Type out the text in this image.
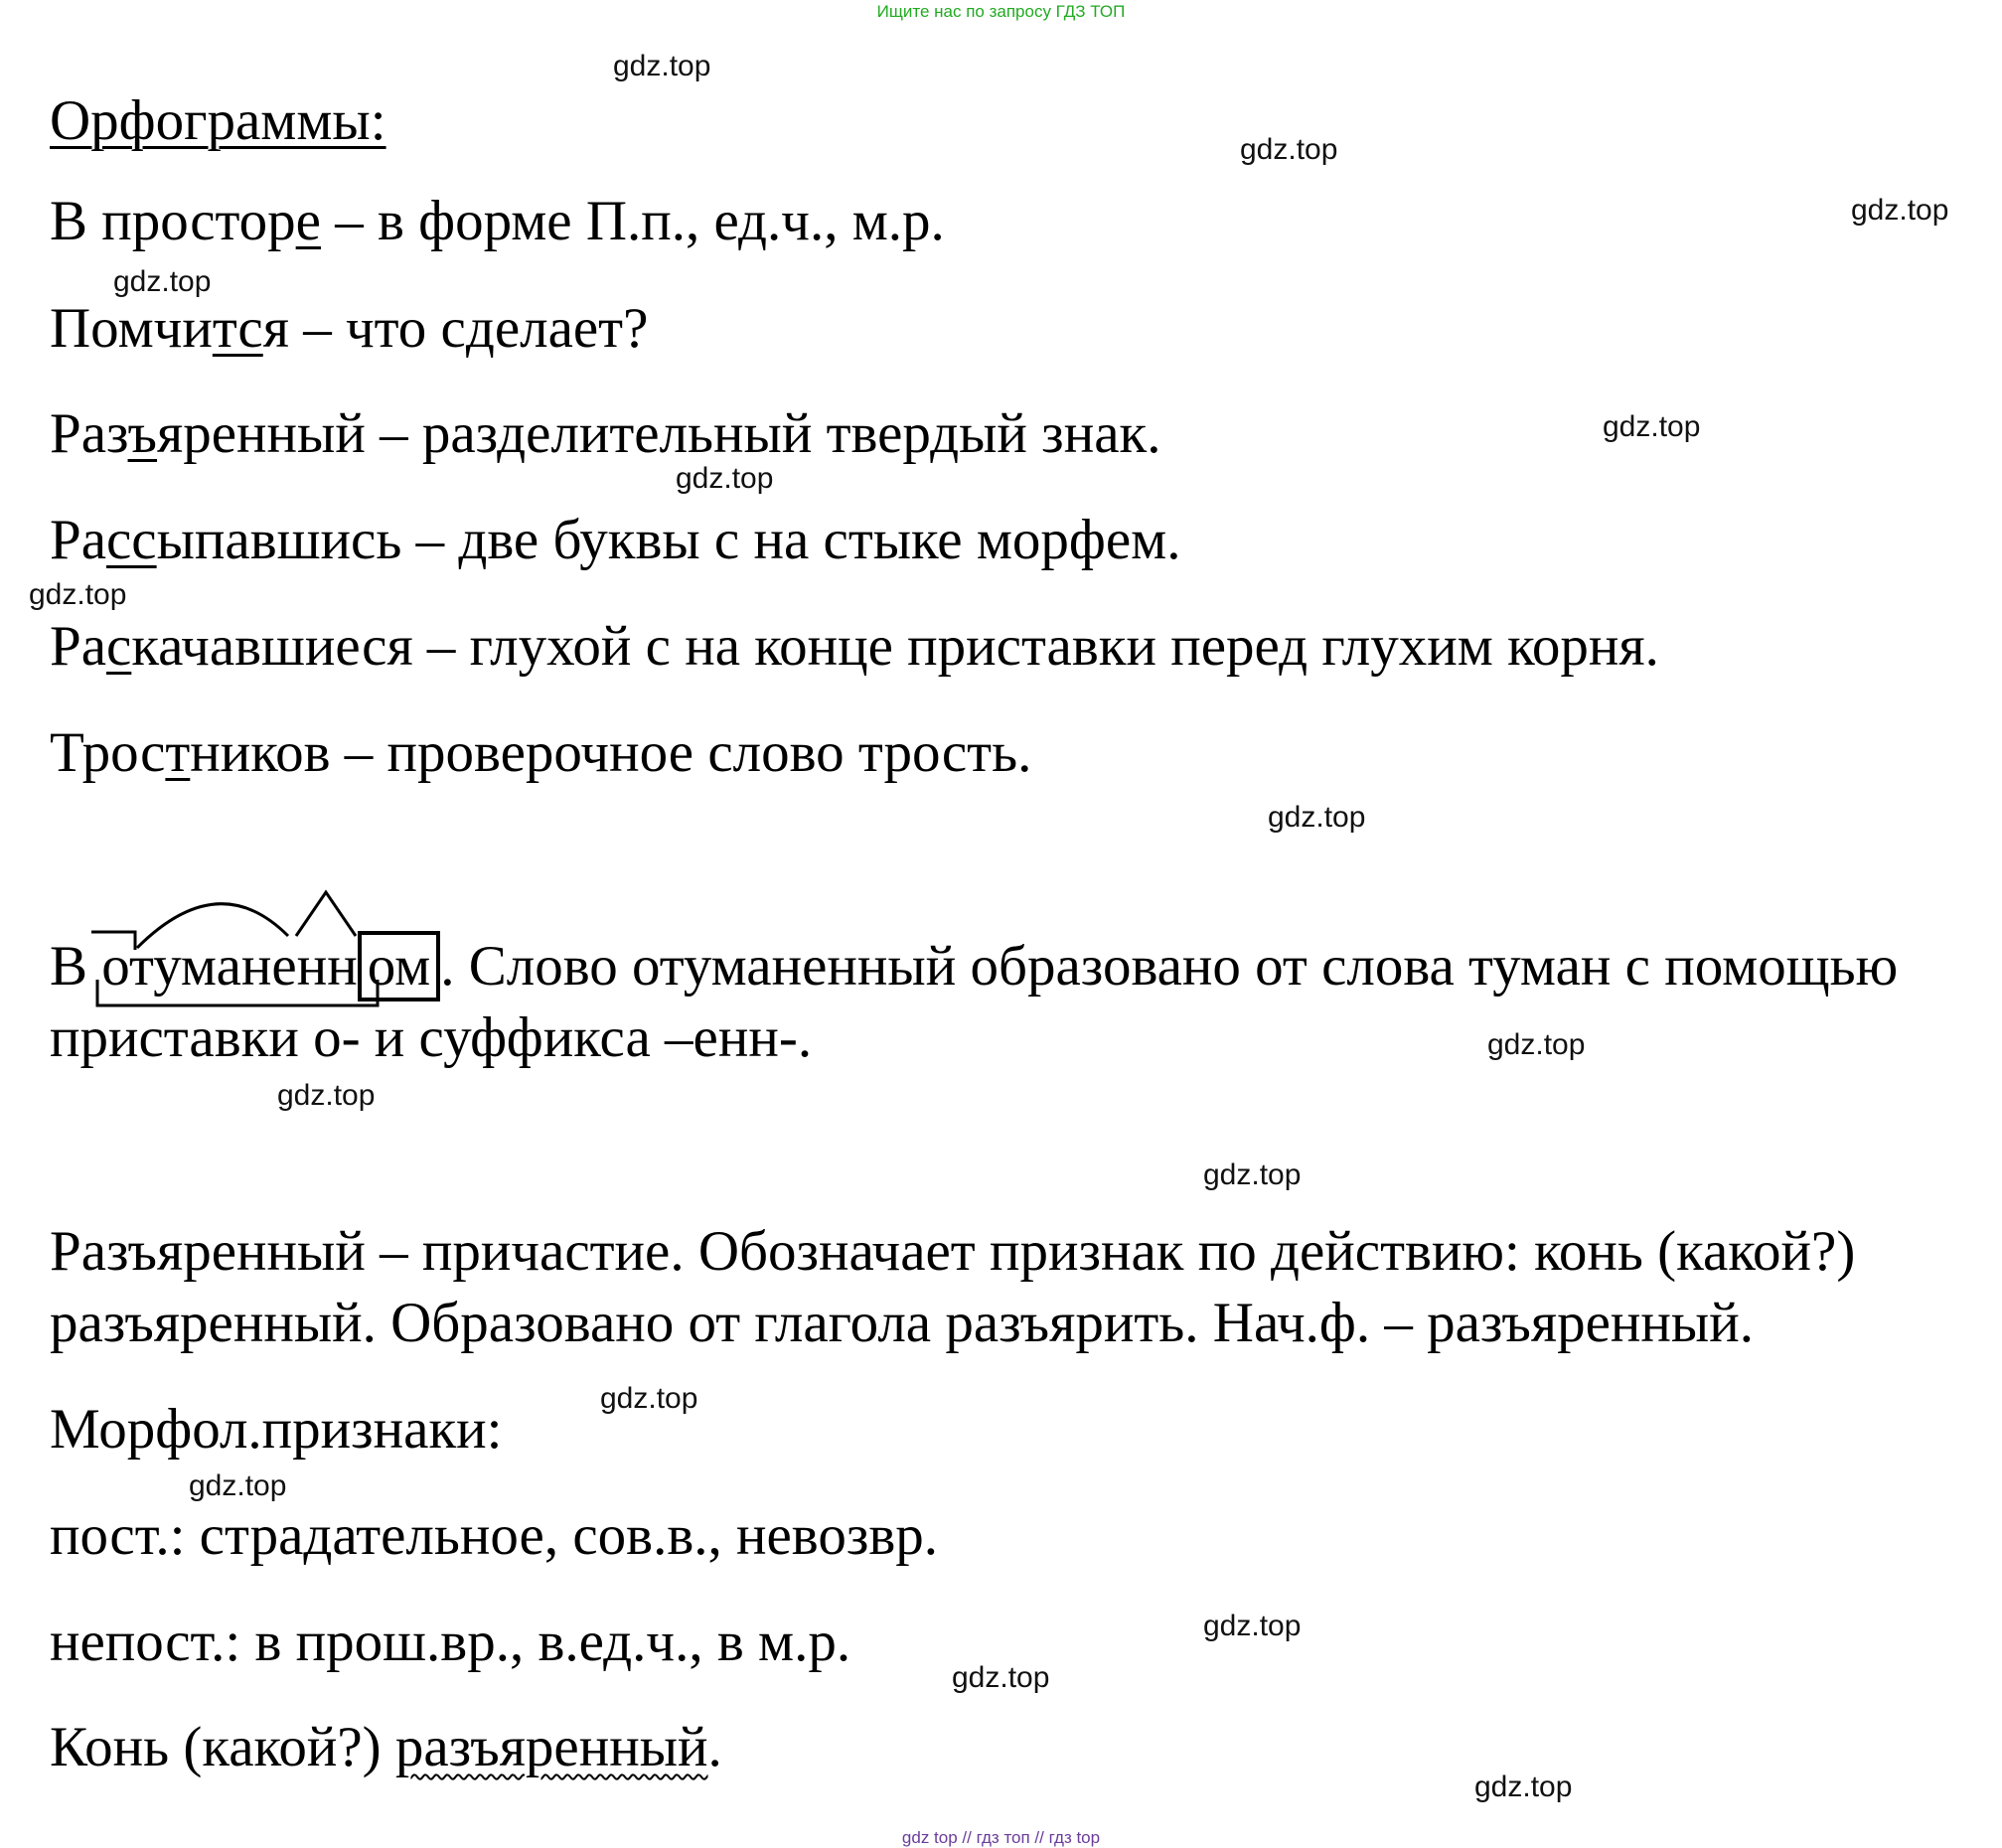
Ищите нас по запросу ГДЗ ТОП
gdz.top
gdz.top
gdz.top
gdz.top
gdz.top
gdz.top
gdz.top
gdz.top
gdz.top
gdz.top
gdz.top
gdz.top
gdz.top
gdz.top
gdz.top
gdz.top
Орфограммы:
В просторе – в форме П.п., ед.ч., м.р.
Помчится – что сделает?
Разъяренный – разделительный твердый знак.
Рассыпавшись – две буквы с на стыке морфем.
Раскачавшиеся – глухой с на конце приставки перед глухим корня.
Тростников – проверочное слово трость.
В отуманенн ом . Слово отуманенный образовано от слова туман с помощью
приставки о- и суффикса –енн-.
Разъяренный – причастие. Обозначает признак по действию: конь (какой?)
разъяренный. Образовано от глагола разъярить. Нач.ф. – разъяренный.
Морфол.признаки:
пост.: страдательное, сов.в., невозвр.
непост.: в прош.вр., в.ед.ч., в м.р.
Конь (какой?) разъяренный.
gdz top // гдз топ // гдз top
